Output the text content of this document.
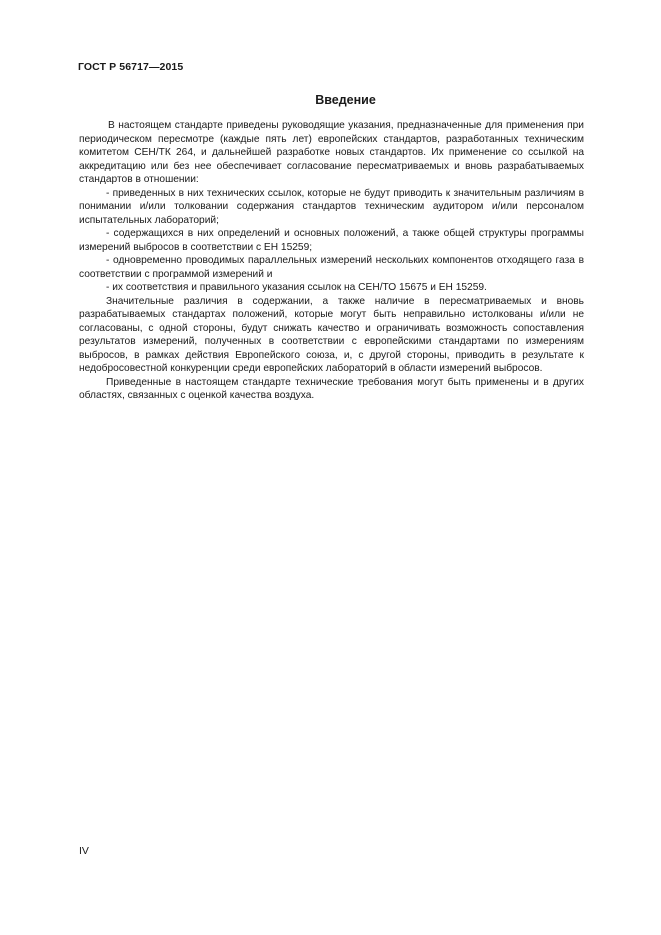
ГОСТ Р 56717—2015
Введение

В настоящем стандарте приведены руководящие указания, предназначенные для применения при периодическом пересмотре (каждые пять лет) европейских стандартов, разработанных техническим комитетом СЕН/ТК 264, и дальнейшей разработке новых стандартов. Их применение со ссылкой на аккредитацию или без нее обеспечивает согласование пересматриваемых и вновь разрабатываемых стандартов в отношении:

- приведенных в них технических ссылок, которые не будут приводить к значительным различиям в понимании и/или толковании содержания стандартов техническим аудитором и/или персоналом испытательных лабораторий;

- содержащихся в них определений и основных положений, а также общей структуры программы измерений выбросов в соответствии с ЕН 15259;

- одновременно проводимых параллельных измерений нескольких компонентов отходящего газа в соответствии с программой измерений и

- их соответствия и правильного указания ссылок на СЕН/ТО 15675 и ЕН 15259.

Значительные различия в содержании, а также наличие в пересматриваемых и вновь разрабатываемых стандартах положений, которые могут быть неправильно истолкованы и/или не согласованы, с одной стороны, будут снижать качество и ограничивать возможность сопоставления результатов измерений, полученных в соответствии с европейскими стандартами по измерениям выбросов, в рамках действия Европейского союза, и, с другой стороны, приводить в результате к недобросовестной конкуренции среди европейских лабораторий в области измерений выбросов.

Приведенные в настоящем стандарте технические требования могут быть применены и в других областях, связанных с оценкой качества воздуха.

IV
